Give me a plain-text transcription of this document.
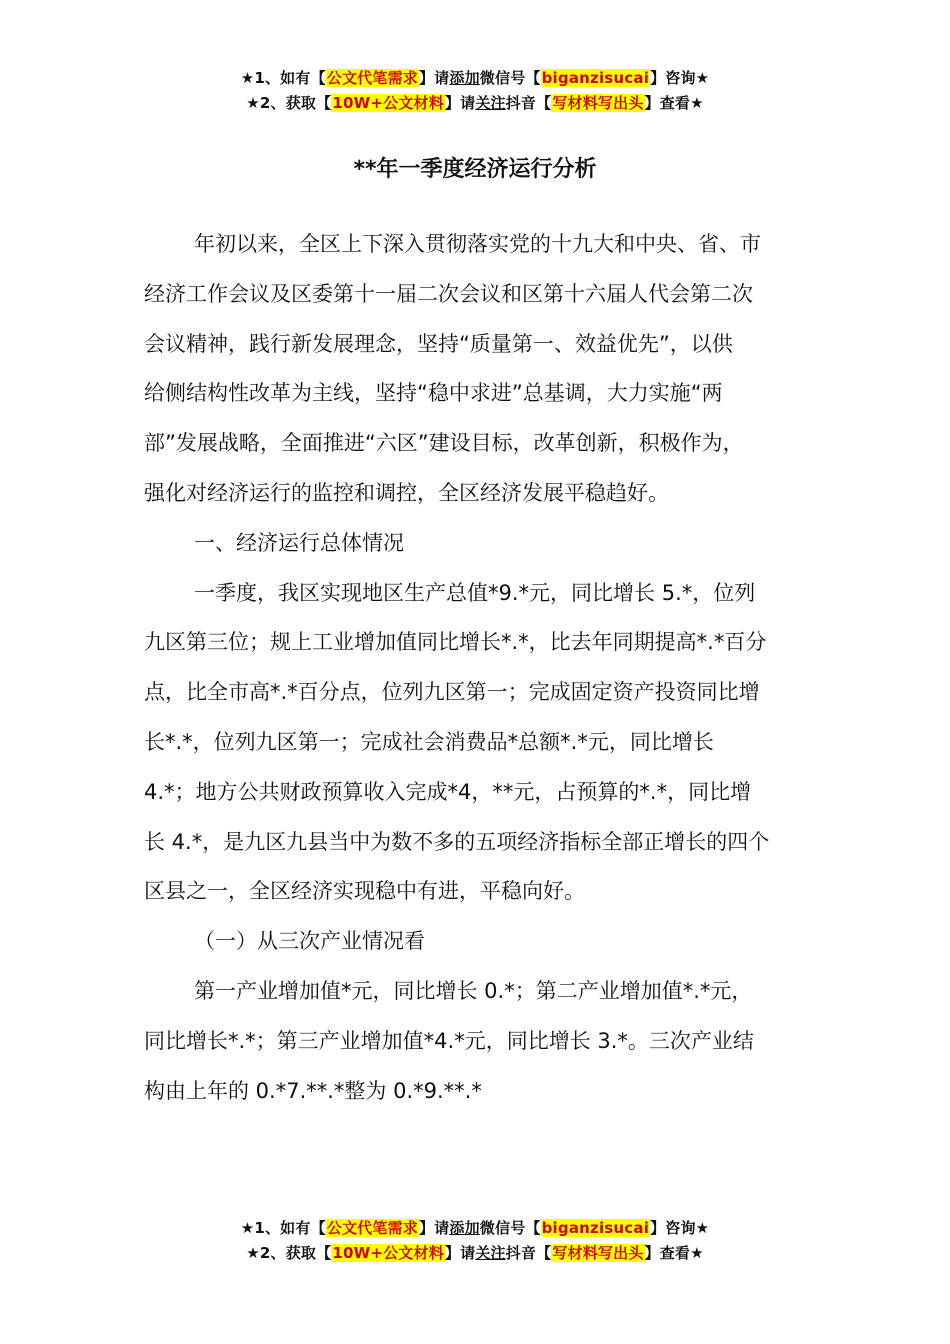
★1、如有【公文代笔需求】请添加微信号【biganzisucai】咨询★
★2、获取【10W+公文材料】请关注抖音【写材料写出头】查看★
**年一季度经济运行分析

年初以来，全区上下深入贯彻落实党的十九大和中央、省、市
经济工作会议及区委第十一届二次会议和区第十六届人代会第二次
会议精神，践行新发展理念，坚持“质量第一、效益优先”，以供
给侧结构性改革为主线，坚持“稳中求进”总基调，大力实施“两
部”发展战略，全面推进“六区”建设目标，改革创新，积极作为，
强化对经济运行的监控和调控，全区经济发展平稳趋好。

一、经济运行总体情况

一季度，我区实现地区生产总值*9.*元，同比增长 5.*，位列
九区第三位；规上工业增加值同比增长*.*，比去年同期提高*.*百分
点，比全市高*.*百分点，位列九区第一；完成固定资产投资同比增
长*.*，位列九区第一；完成社会消费品*总额*.*元，同比增长
4.*；地方公共财政预算收入完成*4，**元，占预算的*.*，同比增
长 4.*，是九区九县当中为数不多的五项经济指标全部正增长的四个
区县之一，全区经济实现稳中有进，平稳向好。

（一）从三次产业情况看

第一产业增加值*元，同比增长 0.*；第二产业增加值*.*元，
同比增长*.*；第三产业增加值*4.*元，同比增长 3.*。三次产业结
构由上年的 0.*7.**.*整为 0.*9.**.*

★1、如有【公文代笔需求】请添加微信号【biganzisucai】咨询★
★2、获取【10W+公文材料】请关注抖音【写材料写出头】查看★
